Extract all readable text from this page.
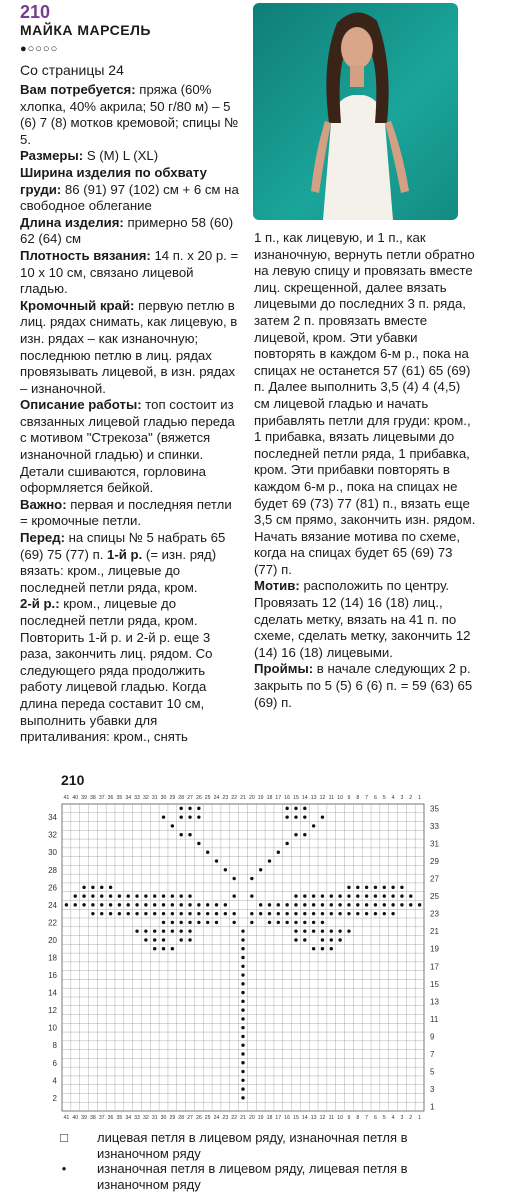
210
МАЙКА МАРСЕЛЬ
●○○○○
Со страницы 24

Вам потребуется: пряжа (60% хлопка, 40% акрила; 50 г/80 м) – 5 (6) 7 (8) мотков кремовой; спицы № 5.

Размеры: S (M) L (XL)

Ширина изделия по обхвату груди: 86 (91) 97 (102) см + 6 см на свободное облегание

Длина изделия: примерно 58 (60) 62 (64) см

Плотность вязания: 14 п. х 20 р. = 10 х 10 см, связано лицевой гладью.

Кромочный край: первую петлю в лиц. рядах снимать, как лицевую, в изн. рядах – как изнаночную; последнюю петлю в лиц. рядах провязывать лицевой, в изн. рядах – изнаночной.

Описание работы: топ состоит из связанных лицевой гладью переда с мотивом "Стрекоза" (вяжется изнаночной гладью) и спинки. Детали сшиваются, горловина оформляется бейкой.

Важно: первая и последняя петли = кромочные петли.

Перед: на спицы № 5 набрать 65 (69) 75 (77) п. 1-й р. (= изн. ряд) вязать: кром., лицевые до последней петли ряда, кром.

2-й р.: кром., лицевые до последней петли ряда, кром. Повторить 1-й р. и 2-й р. еще 3 раза, закончить лиц. рядом. Со следующего ряда продолжить работу лицевой гладью. Когда длина переда составит 10 см, выполнить убавки для приталивания: кром., снять

1 п., как лицевую, и 1 п., как изнаночную, вернуть петли обратно на левую спицу и провязать вместе лиц. скрещенной, далее вязать лицевыми до последних 3 п. ряда, затем 2 п. провязать вместе лицевой, кром. Эти убавки повторять в каждом 6-м р., пока на спицах не останется 57 (61) 65 (69) п. Далее выполнить 3,5 (4) 4 (4,5) см лицевой гладью и начать прибавлять петли для груди: кром., 1 прибавка, вязать лицевыми до последней петли ряда, 1 прибавка, кром. Эти прибавки повторять в каждом 6-м р., пока на спицах не будет 69 (73) 77 (81) п., вязать еще 3,5 см прямо, закончить изн. рядом.

Начать вязание мотива по схеме, когда на спицах будет 65 (69) 73 (77) п.

Мотив: расположить по центру. Провязать 12 (14) 16 (18) лиц., сделать метку, вязать на 41 п. по схеме, сделать метку, закончить 12 (14) 16 (18) лицевыми.

Проймы: в начале следующих 2 р. закрыть по 5 (5) 6 (6) п. = 59 (63) 65 (69) п.

210
41
41
40
40
39
39
38
38
37
37
36
36
35
35
34
34
33
33
32
32
31
31
30
30
29
29
28
28
27
27
26
26
25
25
24
24
23
23
22
22
21
21
20
20
19
19
18
18
17
17
16
16
15
15
14
14
13
13
12
12
11
11
10
10
9
9
8
8
7
7
6
6
5
5
4
4
3
3
2
2
1
1
1
3
5
7
9
11
13
15
17
19
21
23
25
27
29
31
33
35
2
4
6
8
10
12
14
16
18
20
22
24
26
28
30
32
34
□ лицевая петля в лицевом ряду, изнаночная петля в изнаночном ряду
•	изнаночная петля в лицевом ряду, лицевая петля в изнаночном ряду
